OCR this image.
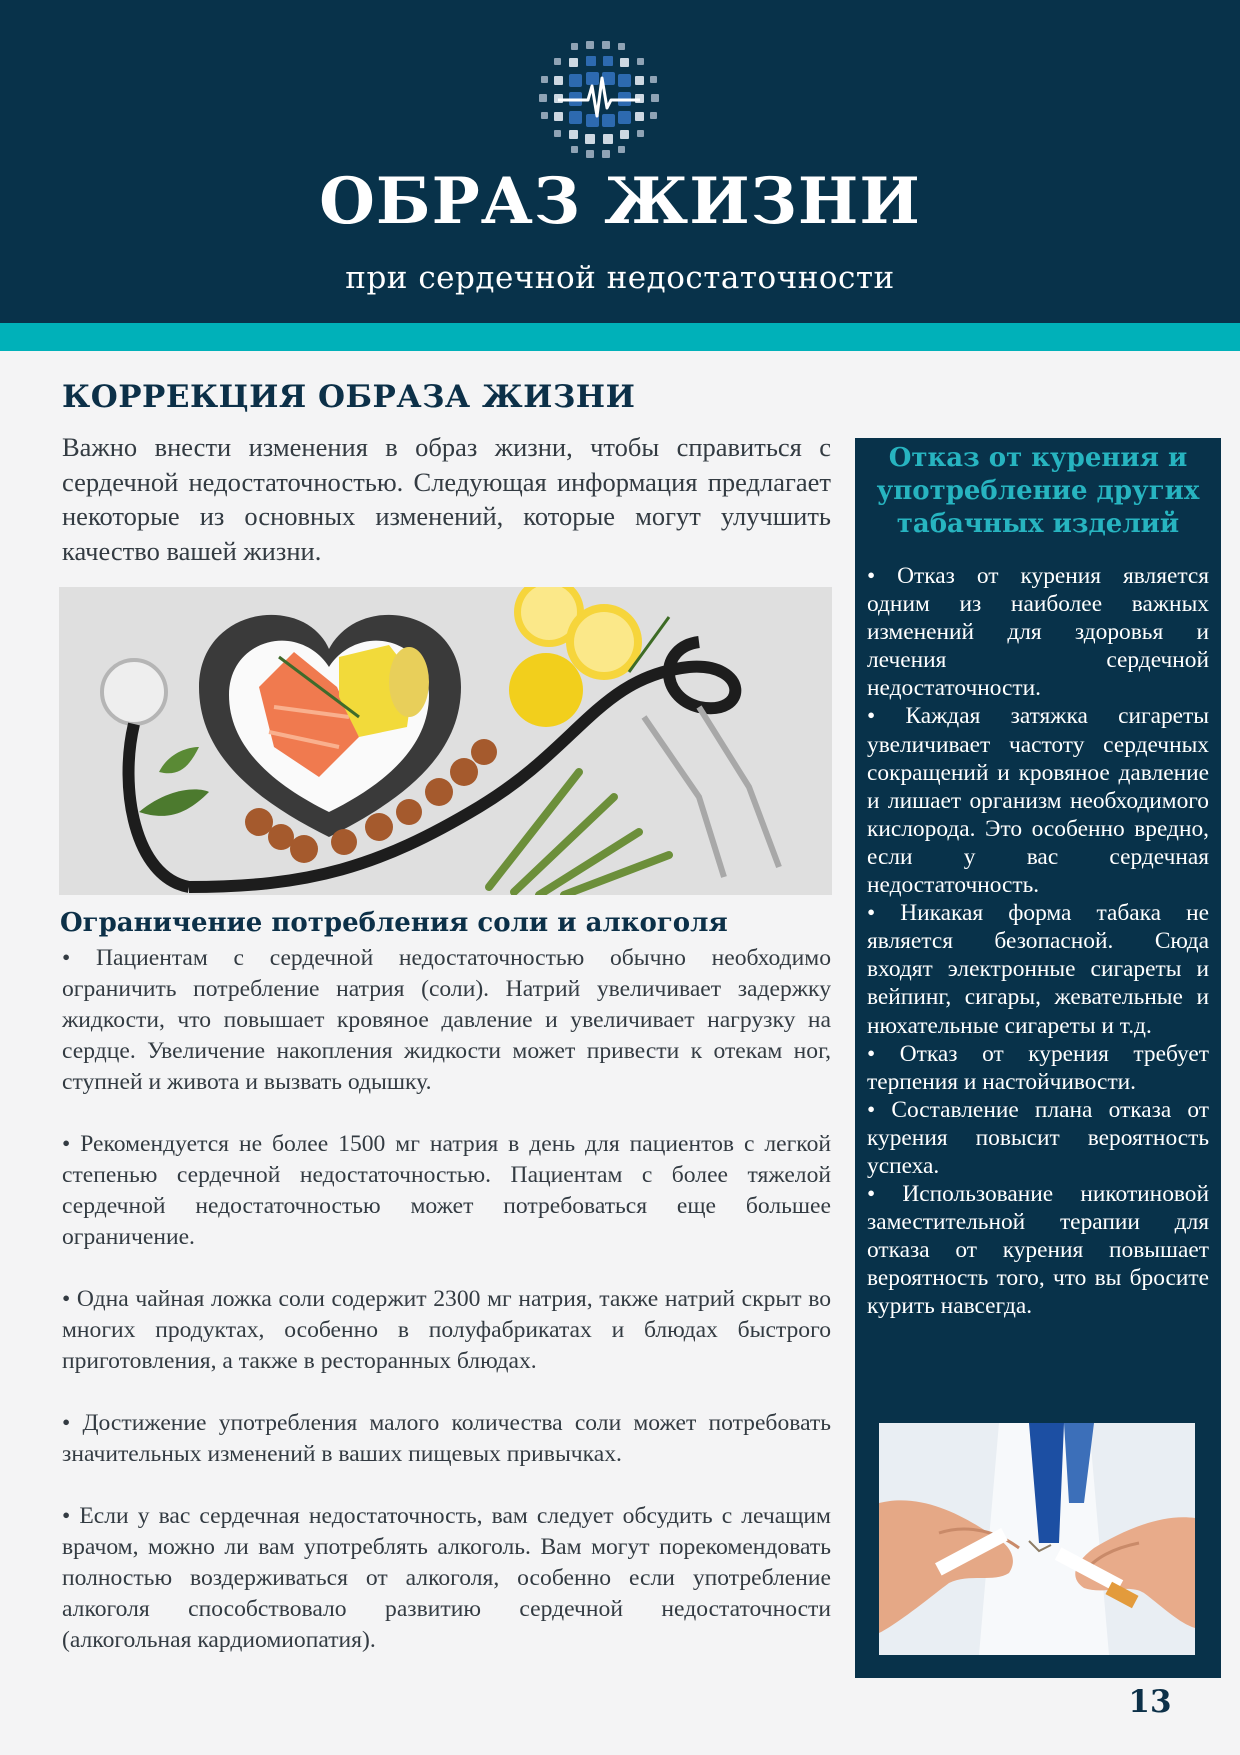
ОБРАЗ ЖИЗНИ
при сердечной недостаточности
КОРРЕКЦИЯ ОБРАЗА ЖИЗНИ
Важно внести изменения в образ жизни, чтобы справиться с сердечной недостаточностью. Следующая информация предлагает некоторые из основных изменений, которые могут улучшить качество вашей жизни.
Ограничение потребления соли и алкоголя

• Пациентам с сердечной недостаточностью обычно необходимо ограничить потребление натрия (соли). Натрий увеличивает задержку жидкости, что повышает кровяное давление и увеличивает нагрузку на сердце. Увеличение накопления жидкости может привести к отекам ног, ступней и живота и вызвать одышку.

• Рекомендуется не более 1500 мг натрия в день для пациентов с легкой степенью сердечной недостаточностью. Пациентам с более тяжелой сердечной недостаточностью может потребоваться еще большее ограничение.

• Одна чайная ложка соли содержит 2300 мг натрия, также натрий скрыт во многих продуктах, особенно в полуфабрикатах и блюдах быстрого приготовления, а также в ресторанных блюдах.

• Достижение употребления малого количества соли может потребовать значительных изменений в ваших пищевых привычках.

• Если у вас сердечная недостаточность, вам следует обсудить с лечащим врачом, можно ли вам употреблять алкоголь. Вам могут порекомендовать полностью воздерживаться от алкоголя, особенно если употребление алкоголя способствовало развитию сердечной недостаточности (алкогольная кардиомиопатия).

Отказ от курения и употребление других табачных изделий
• Отказ от курения является одним из наиболее важных изменений для здоровья и лечения сердечной недостаточности.
• Каждая затяжка сигареты увеличивает частоту сердечных сокращений и кровяное давление и лишает организм необходимого кислорода. Это особенно вредно, если у вас сердечная недостаточность.
• Никакая форма табака не является безопасной. Сюда входят электронные сигареты и вейпинг, сигары, жевательные и нюхательные сигареты и т.д.
• Отказ от курения требует терпения и настойчивости.
• Составление плана отказа от курения повысит вероятность успеха.
• Использование никотиновой заместительной терапии для отказа от курения повышает вероятность того, что вы бросите курить навсегда.
13
